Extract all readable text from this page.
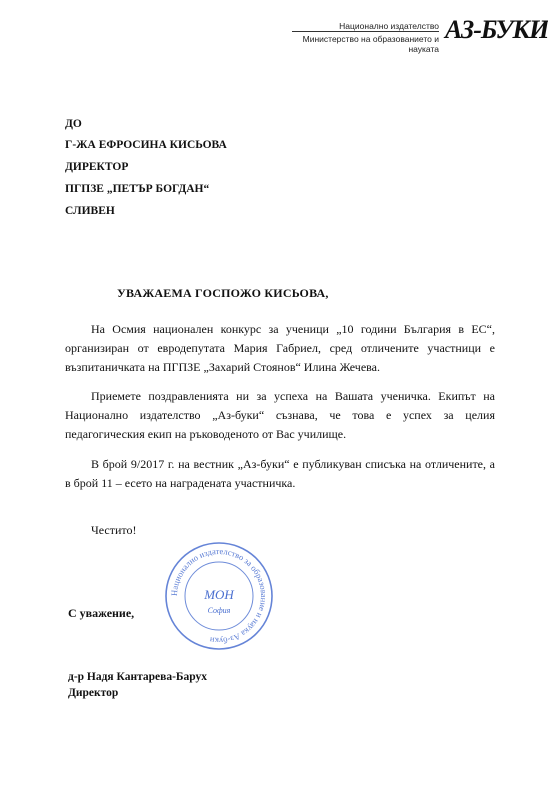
Национално издателство
Министерство на образованието и науката
АЗ-БУКИ
ДО
Г-ЖА ЕФРОСИНА КИСЬОВА
ДИРЕКТОР
ПГПЗЕ „ПЕТЪР БОГДАН“
СЛИВЕН
УВАЖАЕМА ГОСПОЖО КИСЬОВА,

На Осмия национален конкурс за ученици „10 години България в ЕС“, организиран от евродепутата Мария Габриел, сред отличените участници е възпитаничката на ПГПЗЕ „Захарий Стоянов“ Илина Жечева.

Приемете поздравленията ни за успеха на Вашата ученичка. Екипът на Национално издателство „Аз-буки“ съзнава, че това е успех за целия педагогическия екип на ръководеното от Вас училище.

В брой 9/2017 г. на вестник „Аз-буки“ е публикуван списъка на отличените, а в брой 11 – есето на наградената участничка.

Честито!
С уважение,
Национално издателство за образование и наука Аз-буки
МОН
София
д-р Надя Кантарева-Барух
Директор
